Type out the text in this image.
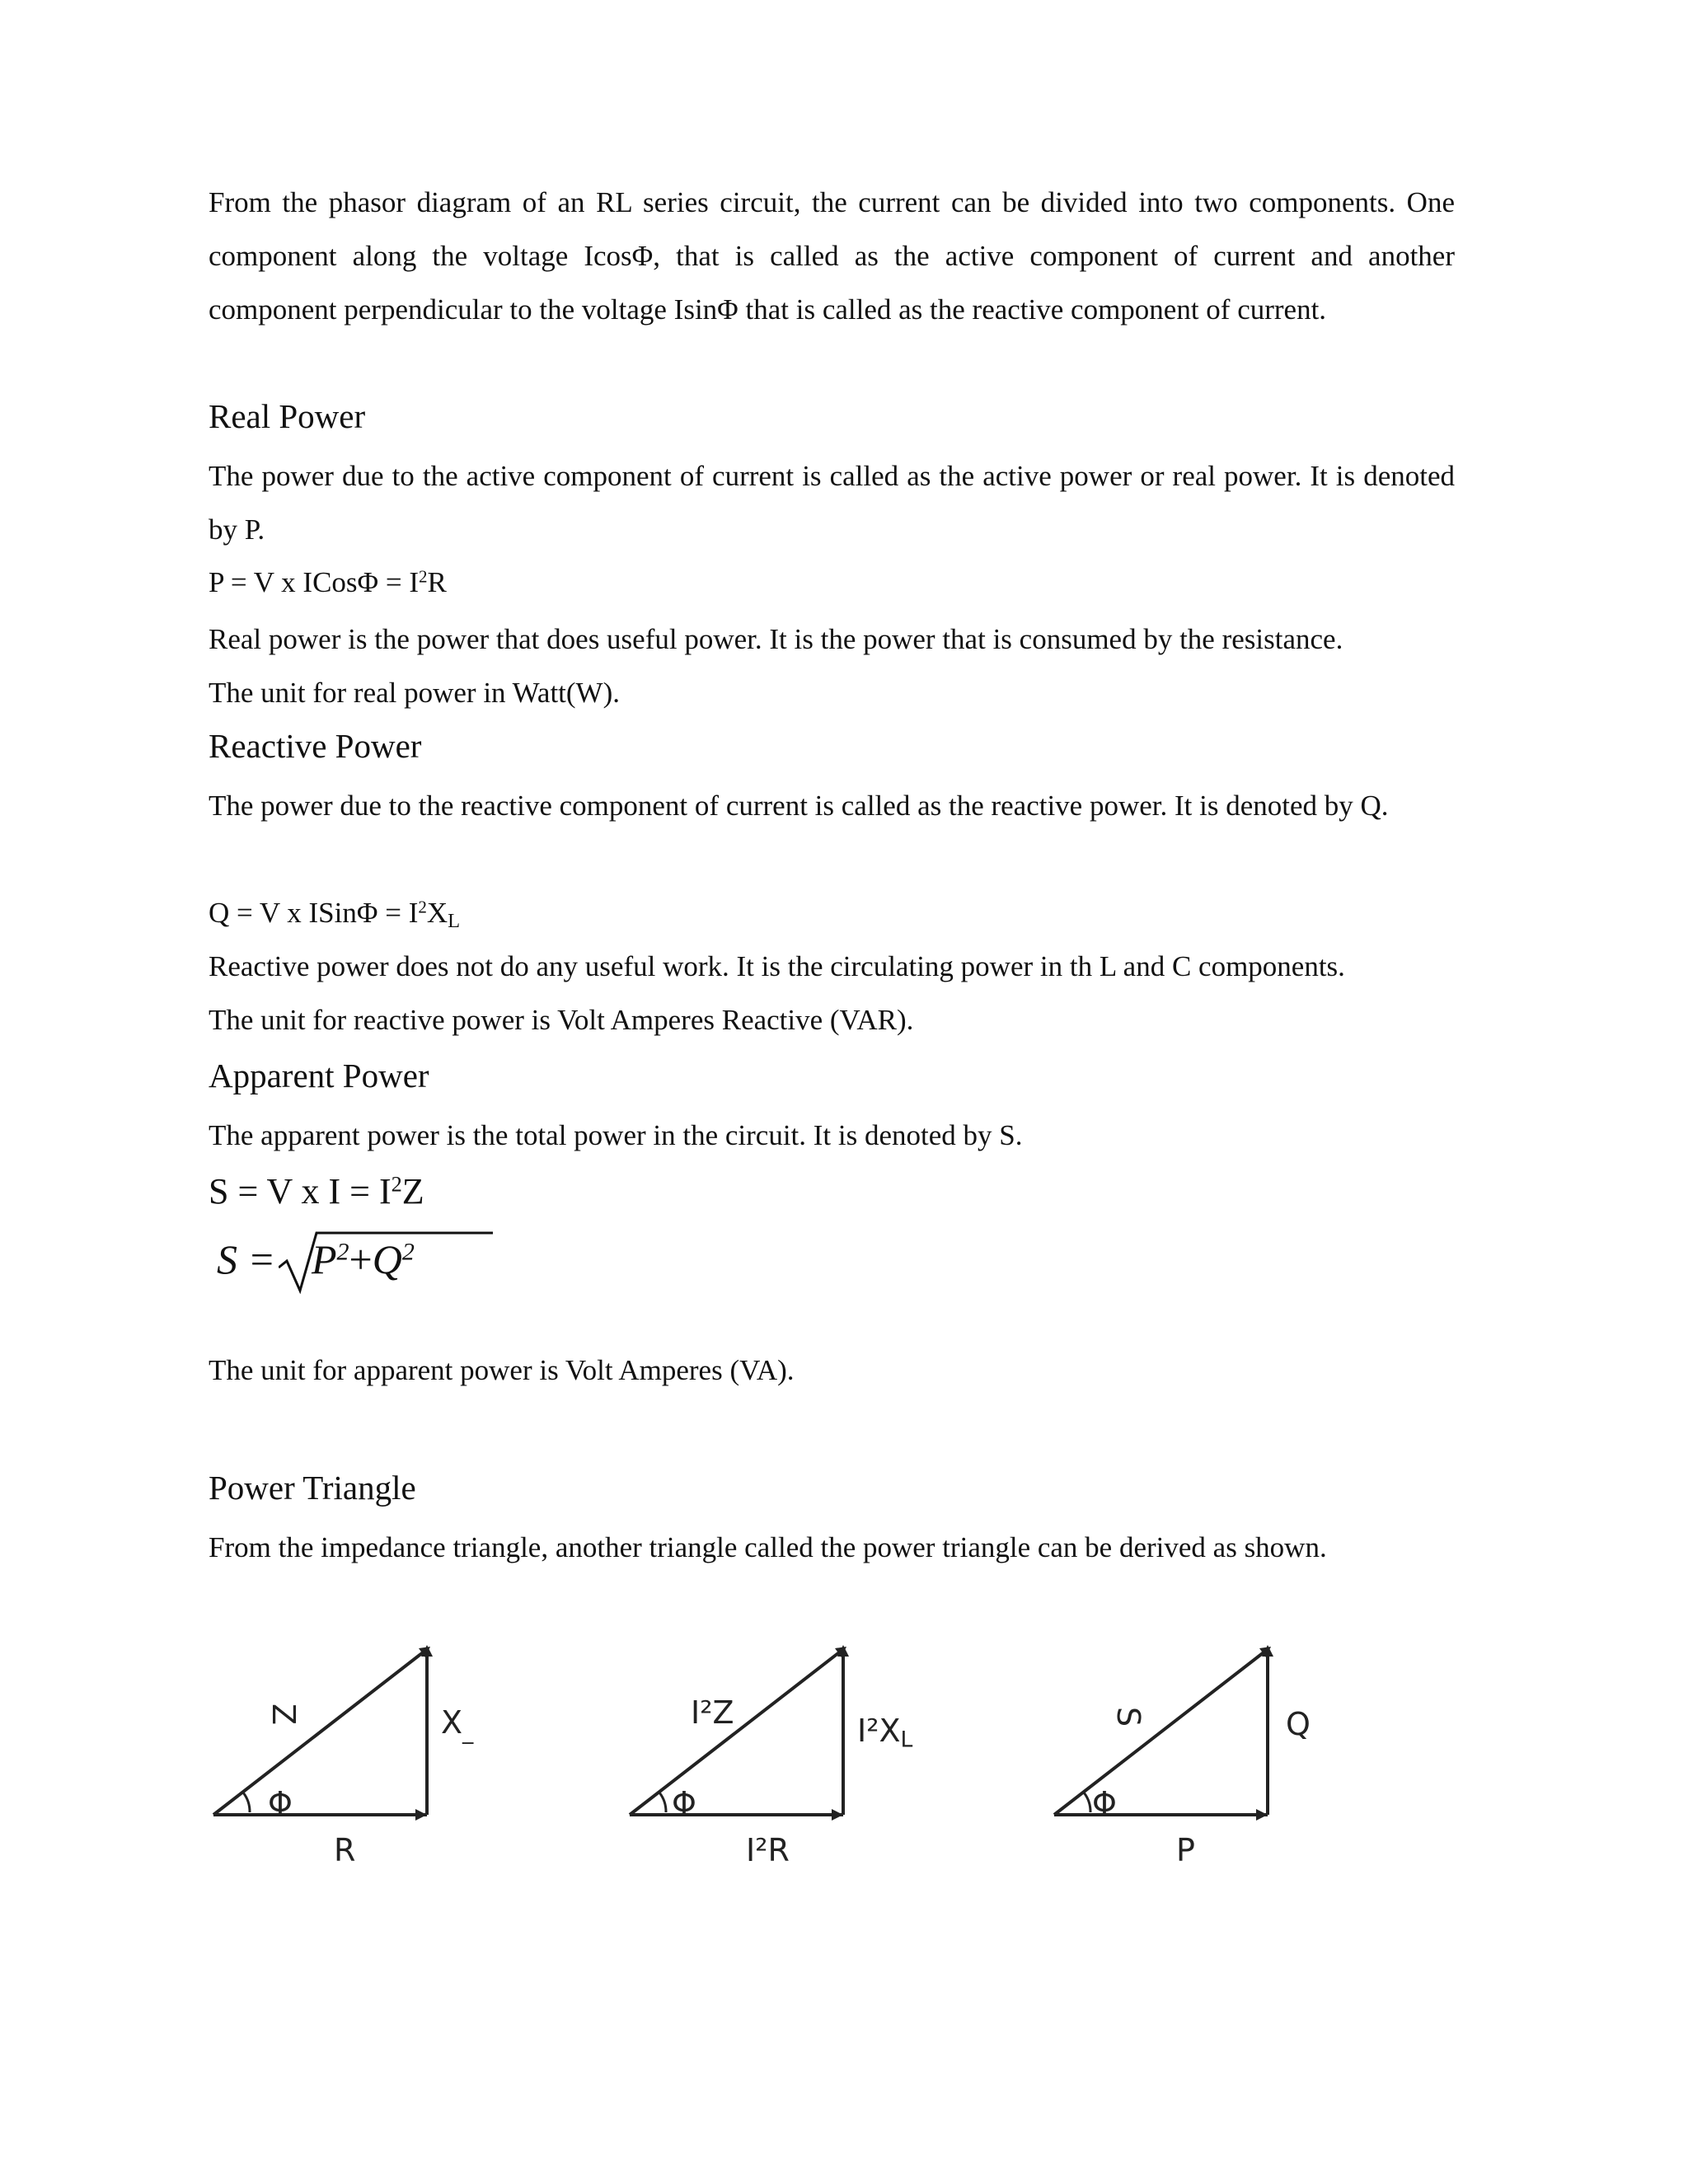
From the phasor diagram of an RL series circuit, the current can be divided into two components. One component along the voltage IcosΦ, that is called as the active component of current and another component perpendicular to the voltage IsinΦ that is called as the reactive component of current.

Real Power

The power due to the active component of current is called as the active power or real power. It is denoted by P.

P = V x ICosΦ = $I^2R$

Real power is the power that does useful power. It is the power that is consumed by the resistance.

The unit for real power in Watt(W).

Reactive Power

The power due to the reactive component of current is called as the reactive power. It is denoted by Q.

Q = V x ISinΦ = $I^2X_L$

Reactive power does not do any useful work. It is the circulating power in th L and C components.

The unit for reactive power is Volt Amperes Reactive (VAR).

Apparent Power

The apparent power is the total power in the circuit. It is denoted by S.

S = V x $I = I^2Z$

$S = P^2+Q^2$

The unit for apparent power is Volt Amperes (VA).

Power Triangle

From the impedance triangle, another triangle called the power triangle can be derived as shown.

Φ
Z	$X_{\_}$
R
Φ
I²Z	$I^2X_L$
I²R
Φ
S	Q
P
